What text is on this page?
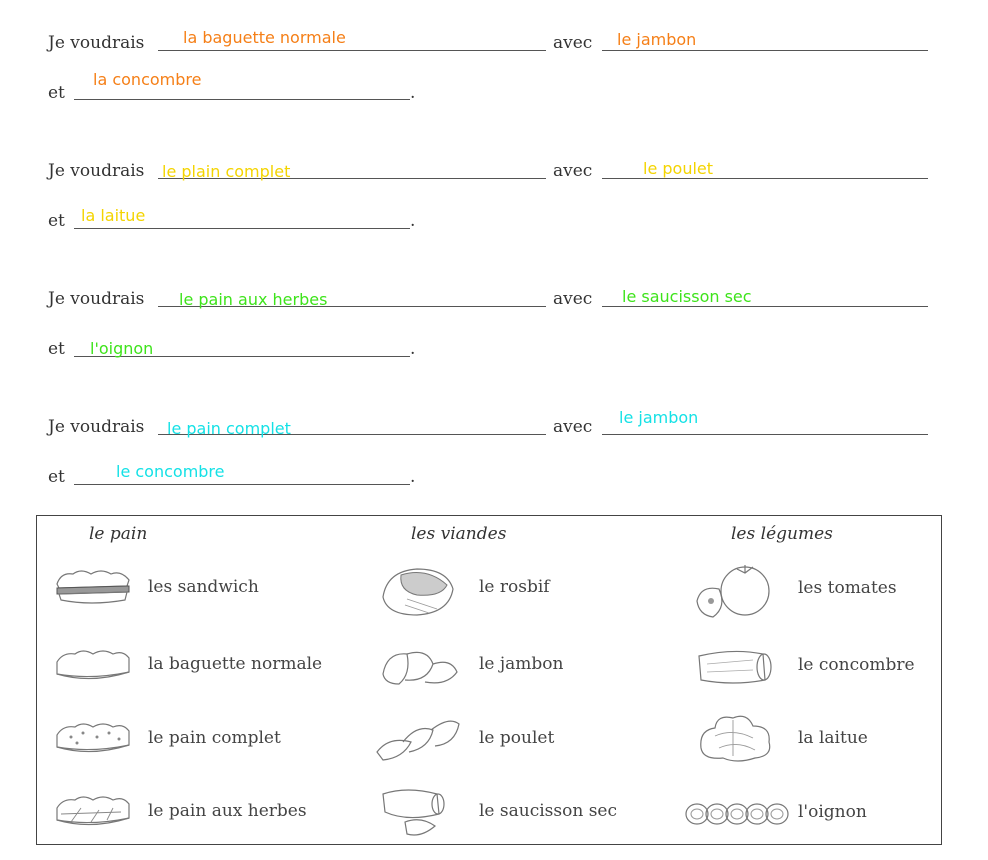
Je voudrais la baguette normale	avec le jambon
et
la concombre
.
Je voudrais le plain complet	avec	le poulet
et la laitue	.
Je voudrais le pain aux herbes	avec le saucisson sec
et l'oignon	.
Je voudrais le pain complet	avec le jambon
et	le concombre	.
le pain
les sandwich
la baguette normale
le pain complet
le pain aux herbes
les viandes
le rosbif
le jambon
le poulet
le saucisson sec
les légumes
les tomates
le concombre
la laitue
l'oignon
